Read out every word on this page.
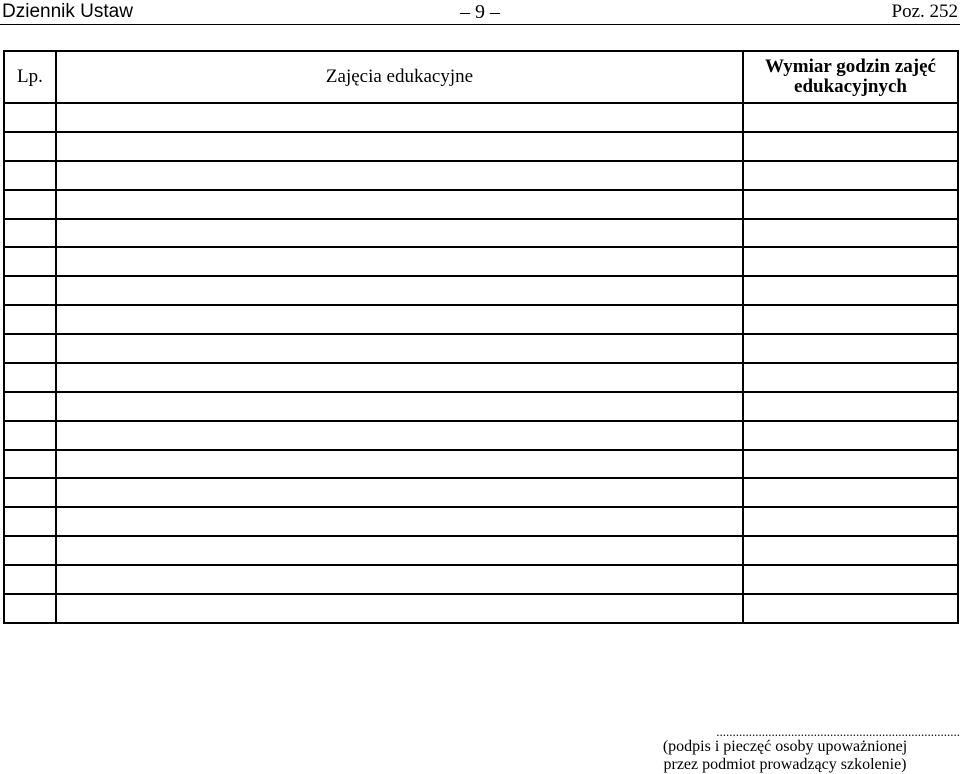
Dziennik Ustaw	– 9 –	Poz. 252
Lp.	Zajęcia edukacyjne	Wymiar godzin zajęć edukacyjnych

...........................................................................
(podpis i pieczęć osoby upoważnionej
przez podmiot prowadzący szkolenie)
